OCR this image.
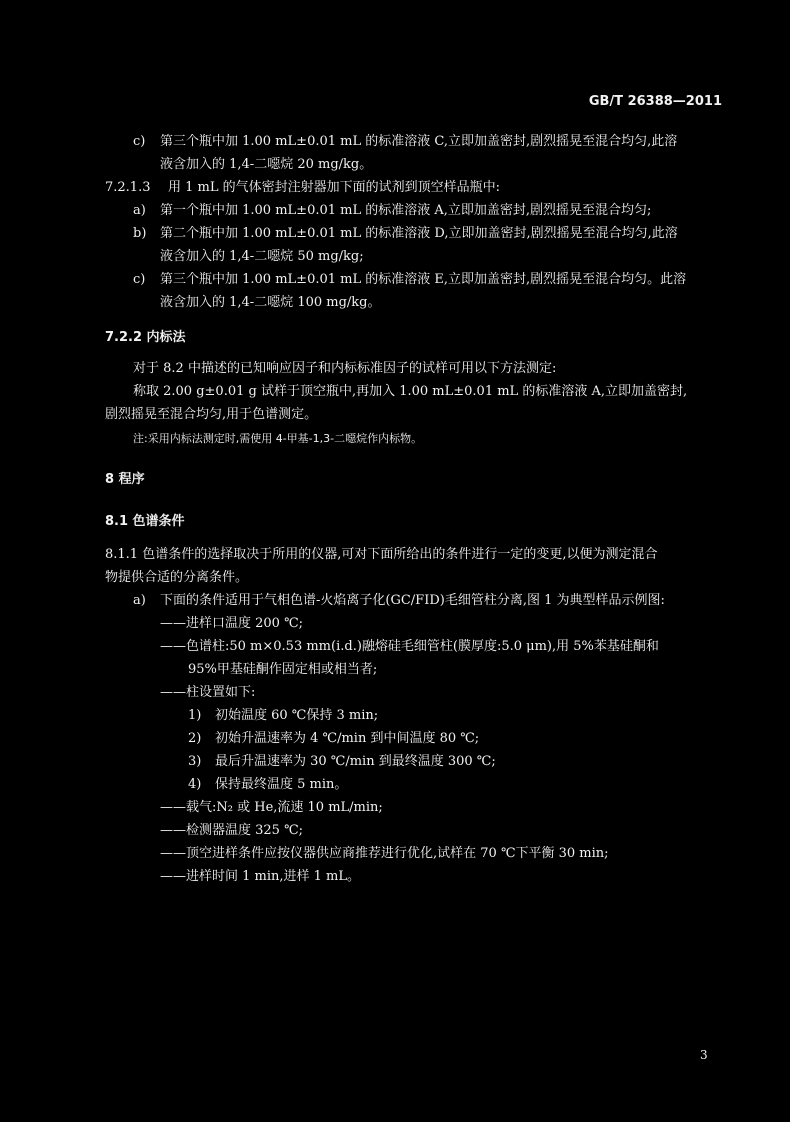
GB/T 26388—2011
c) 第三个瓶中加 1.00 mL±0.01 mL 的标准溶液 C,立即加盖密封,剧烈摇晃至混合均匀,此溶
液含加入的 1,4-二噁烷 20 mg/kg。
7.2.1.3 用 1 mL 的气体密封注射器加下面的试剂到顶空样品瓶中:
a) 第一个瓶中加 1.00 mL±0.01 mL 的标准溶液 A,立即加盖密封,剧烈摇晃至混合均匀;
b) 第二个瓶中加 1.00 mL±0.01 mL 的标准溶液 D,立即加盖密封,剧烈摇晃至混合均匀,此溶
液含加入的 1,4-二噁烷 50 mg/kg;
c) 第三个瓶中加 1.00 mL±0.01 mL 的标准溶液 E,立即加盖密封,剧烈摇晃至混合均匀。此溶
液含加入的 1,4-二噁烷 100 mg/kg。
7.2.2 内标法
对于 8.2 中描述的已知响应因子和内标标准因子的试样可用以下方法测定:
称取 2.00 g±0.01 g 试样于顶空瓶中,再加入 1.00 mL±0.01 mL 的标准溶液 A,立即加盖密封,
剧烈摇晃至混合均匀,用于色谱测定。
注:采用内标法测定时,需使用 4-甲基-1,3-二噁烷作内标物。
8 程序
8.1 色谱条件
8.1.1 色谱条件的选择取决于所用的仪器,可对下面所给出的条件进行一定的变更,以便为测定混合
物提供合适的分离条件。
a) 下面的条件适用于气相色谱-火焰离子化(GC/FID)毛细管柱分离,图 1 为典型样品示例图:
——进样口温度 200 ℃;
——色谱柱:50 m×0.53 mm(i.d.)融熔硅毛细管柱(膜厚度:5.0 μm),用 5%苯基硅酮和
95%甲基硅酮作固定相或相当者;
——柱设置如下:
1) 初始温度 60 ℃保持 3 min;
2) 初始升温速率为 4 ℃/min 到中间温度 80 ℃;
3) 最后升温速率为 30 ℃/min 到最终温度 300 ℃;
4) 保持最终温度 5 min。
——载气:N₂ 或 He,流速 10 mL/min;
——检测器温度 325 ℃;
——顶空进样条件应按仪器供应商推荐进行优化,试样在 70 ℃下平衡 30 min;
——进样时间 1 min,进样 1 mL。
3
